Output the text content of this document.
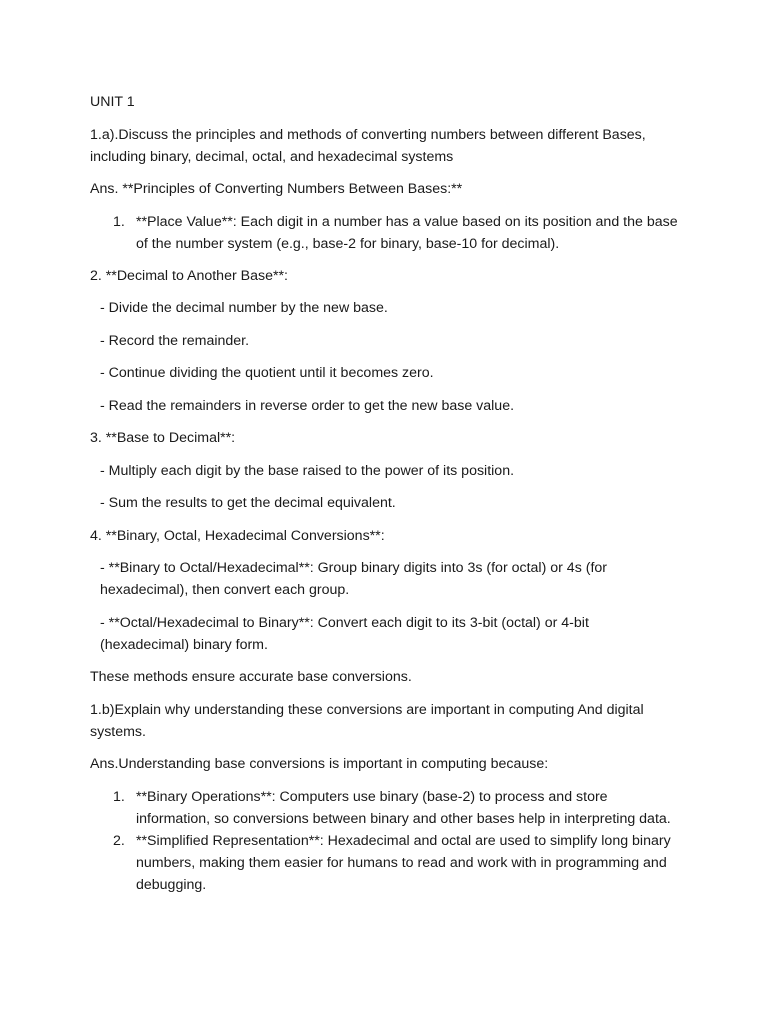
UNIT 1

1.a).Discuss the principles and methods of converting numbers between different Bases, including binary, decimal, octal, and hexadecimal systems

Ans. **Principles of Converting Numbers Between Bases:**

1. **Place Value**: Each digit in a number has a value based on its position and the base of the number system (e.g., base-2 for binary, base-10 for decimal).

2. **Decimal to Another Base**:

- Divide the decimal number by the new base.

- Record the remainder.

- Continue dividing the quotient until it becomes zero.

- Read the remainders in reverse order to get the new base value.

3. **Base to Decimal**:

- Multiply each digit by the base raised to the power of its position.

- Sum the results to get the decimal equivalent.

4. **Binary, Octal, Hexadecimal Conversions**:

- **Binary to Octal/Hexadecimal**: Group binary digits into 3s (for octal) or 4s (for hexadecimal), then convert each group.

- **Octal/Hexadecimal to Binary**: Convert each digit to its 3-bit (octal) or 4-bit (hexadecimal) binary form.

These methods ensure accurate base conversions.

1.b)Explain why understanding these conversions are important in computing And digital systems.

Ans.Understanding base conversions is important in computing because:

1. **Binary Operations**: Computers use binary (base-2) to process and store information, so conversions between binary and other bases help in interpreting data.
2. **Simplified Representation**: Hexadecimal and octal are used to simplify long binary numbers, making them easier for humans to read and work with in programming and debugging.
